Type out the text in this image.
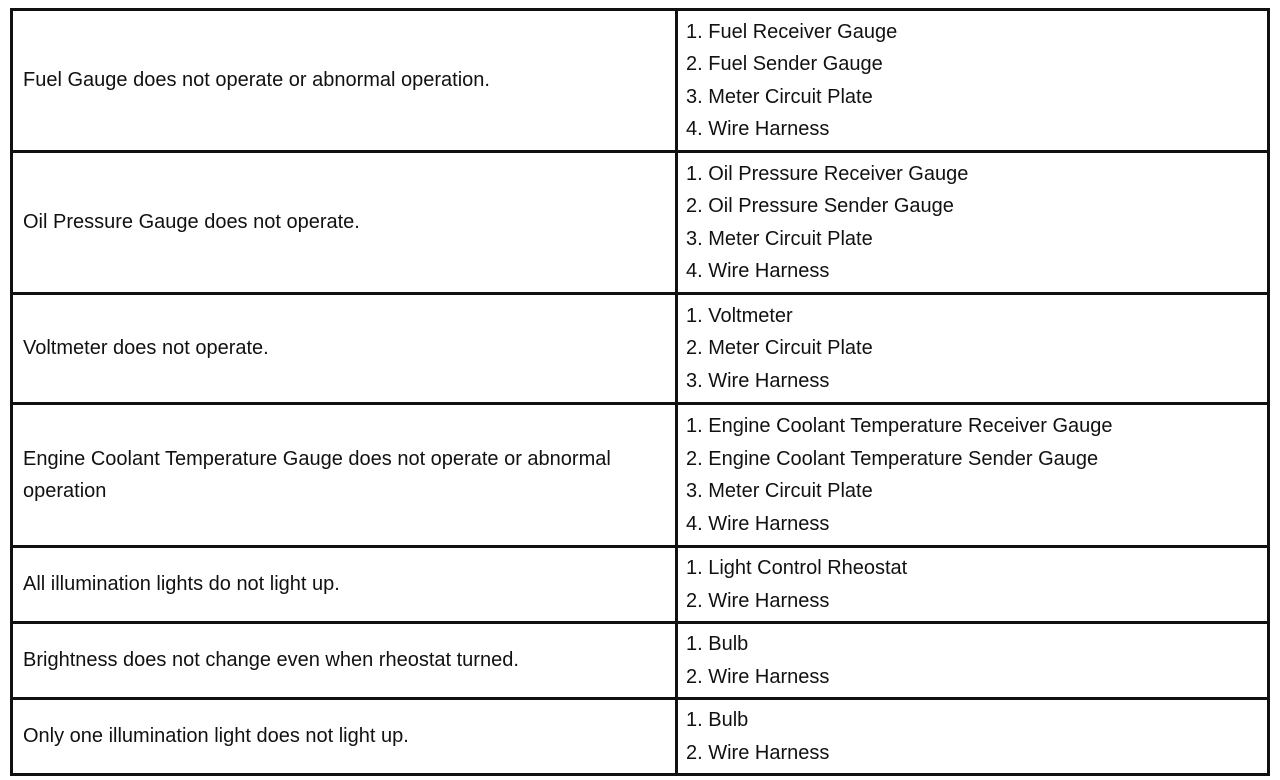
Fuel Gauge does not operate or abnormal operation.	1. Fuel Receiver Gauge
2. Fuel Sender Gauge
3. Meter Circuit Plate
4. Wire Harness

Oil Pressure Gauge does not operate.	1. Oil Pressure Receiver Gauge
2. Oil Pressure Sender Gauge
3. Meter Circuit Plate
4. Wire Harness

Voltmeter does not operate.	1. Voltmeter
2. Meter Circuit Plate
3. Wire Harness

Engine Coolant Temperature Gauge does not operate or abnormal operation	1. Engine Coolant Temperature Receiver Gauge
2. Engine Coolant Temperature Sender Gauge
3. Meter Circuit Plate
4. Wire Harness

All illumination lights do not light up.	1. Light Control Rheostat
2. Wire Harness

Brightness does not change even when rheostat turned.	1. Bulb
2. Wire Harness

Only one illumination light does not light up.	1. Bulb
2. Wire Harness
